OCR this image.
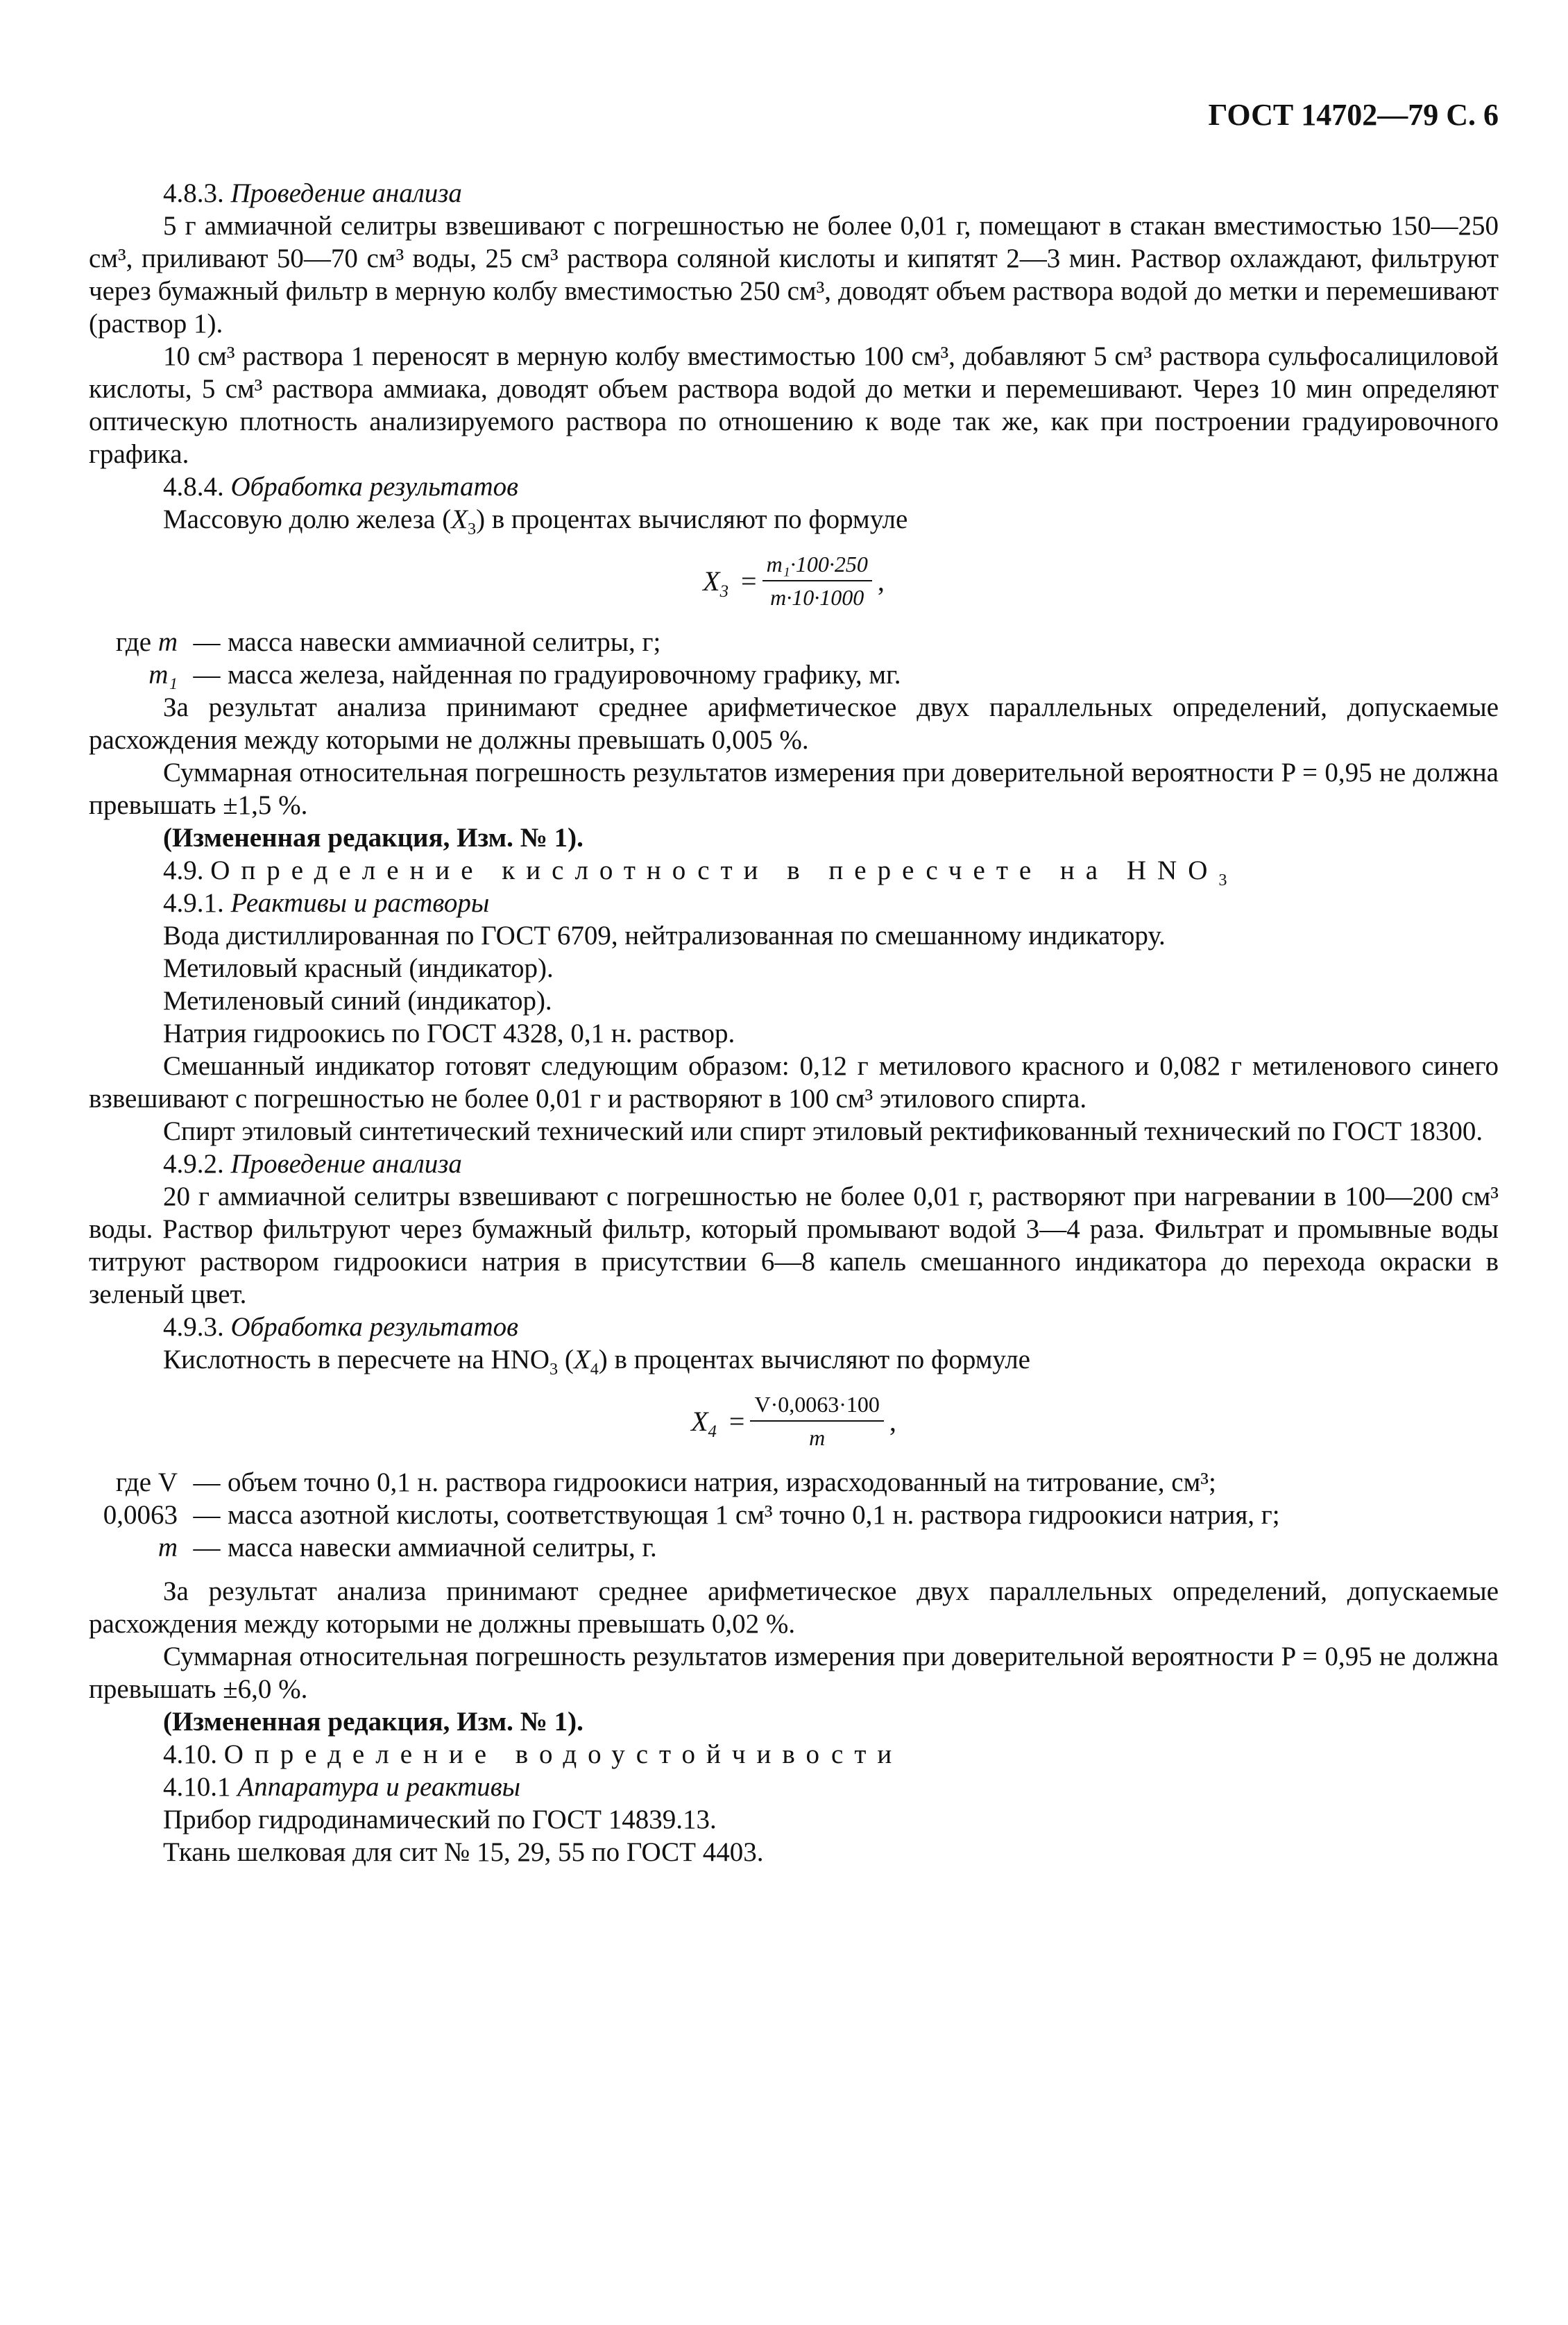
ГОСТ 14702—79 С. 6

4.8.3. Проведение анализа

5 г аммиачной селитры взвешивают с погрешностью не более 0,01 г, помещают в стакан вместимостью 150—250 см³, приливают 50—70 см³ воды, 25 см³ раствора соляной кислоты и кипятят 2—3 мин. Раствор охлаждают, фильтруют через бумажный фильтр в мерную колбу вместимостью 250 см³, доводят объем раствора водой до метки и перемешивают (раствор 1).

10 см³ раствора 1 переносят в мерную колбу вместимостью 100 см³, добавляют 5 см³ раствора сульфосалициловой кислоты, 5 см³ раствора аммиака, доводят объем раствора водой до метки и перемешивают. Через 10 мин определяют оптическую плотность анализируемого раствора по отношению к воде так же, как при построении градуировочного графика.

4.8.4. Обработка результатов

Массовую долю железа $(X_3)$ в процентах вычисляют по формуле

$X_3 = \frac{\text{m₁·100·250}}{m\cdot 10\cdot 1000}$ ,
где m — масса навески аммиачной селитры, г;
m₁ — масса железа, найденная по градуировочному графику, мг.

За результат анализа принимают среднее арифметическое двух параллельных определений, допускаемые расхождения между которыми не должны превышать 0,005 %.

Суммарная относительная погрешность результатов измерения при доверительной вероятности P = 0,95 не должна превышать ±1,5 %.

(Измененная редакция, Изм. № 1).

4.9. Определение кислотности в пересчете на $HNO_3$

4.9.1. Реактивы и растворы

Вода дистиллированная по ГОСТ 6709, нейтрализованная по смешанному индикатору.

Метиловый красный (индикатор).

Метиленовый синий (индикатор).

Натрия гидроокись по ГОСТ 4328, 0,1 н. раствор.

Смешанный индикатор готовят следующим образом: 0,12 г метилового красного и 0,082 г метиленового синего взвешивают с погрешностью не более 0,01 г и растворяют в 100 см³ этилового спирта.

Спирт этиловый синтетический технический или спирт этиловый ректификованный технический по ГОСТ 18300.

4.9.2. Проведение анализа

20 г аммиачной селитры взвешивают с погрешностью не более 0,01 г, растворяют при нагревании в 100—200 см³ воды. Раствор фильтруют через бумажный фильтр, который промывают водой 3—4 раза. Фильтрат и промывные воды титруют раствором гидроокиси натрия в присутствии 6—8 капель смешанного индикатора до перехода окраски в зеленый цвет.

4.9.3. Обработка результатов

Кислотность в пересчете на $HNO_3$ $(X_4)$ в процентах вычисляют по формуле

$X_4 = \frac{V\cdot 0,0063\cdot 100}{m}$ ,
где V — объем точно 0,1 н. раствора гидроокиси натрия, израсходованный на титрование, см³;
0,0063 — масса азотной кислоты, соответствующая 1 см³ точно 0,1 н. раствора гидроокиси натрия, г;
m — масса навески аммиачной селитры, г.

За результат анализа принимают среднее арифметическое двух параллельных определений, допускаемые расхождения между которыми не должны превышать 0,02 %.

Суммарная относительная погрешность результатов измерения при доверительной вероятности P = 0,95 не должна превышать ±6,0 %.

(Измененная редакция, Изм. № 1).

4.10. Определение водоустойчивости

4.10.1 Аппаратура и реактивы

Прибор гидродинамический по ГОСТ 14839.13.

Ткань шелковая для сит № 15, 29, 55 по ГОСТ 4403.
